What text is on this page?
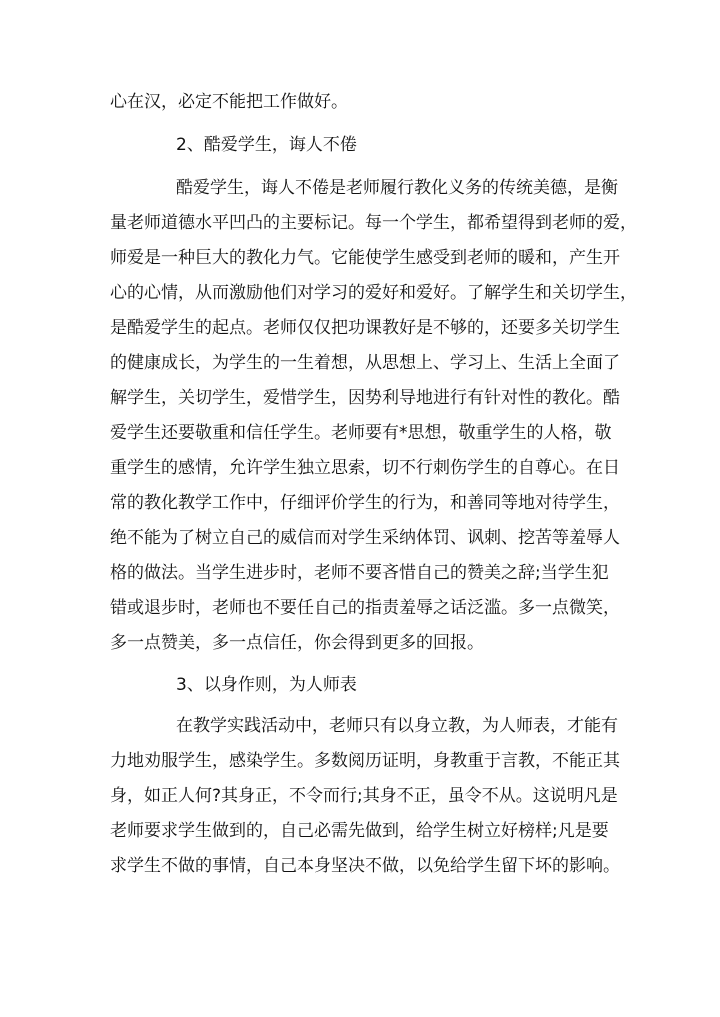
心在汉，必定不能把工作做好。
2、酷爱学生，诲人不倦
酷爱学生，诲人不倦是老师履行教化义务的传统美德，是衡
量老师道德水平凹凸的主要标记。每一个学生，都希望得到老师的爱，
师爱是一种巨大的教化力气。它能使学生感受到老师的暖和，产生开
心的心情，从而激励他们对学习的爱好和爱好。了解学生和关切学生，
是酷爱学生的起点。老师仅仅把功课教好是不够的，还要多关切学生
的健康成长，为学生的一生着想，从思想上、学习上、生活上全面了
解学生，关切学生，爱惜学生，因势利导地进行有针对性的教化。酷
爱学生还要敬重和信任学生。老师要有*思想，敬重学生的人格，敬
重学生的感情，允许学生独立思索，切不行刺伤学生的自尊心。在日
常的教化教学工作中，仔细评价学生的行为，和善同等地对待学生，
绝不能为了树立自己的威信而对学生采纳体罚、讽刺、挖苦等羞辱人
格的做法。当学生进步时，老师不要吝惜自己的赞美之辞;当学生犯
错或退步时，老师也不要任自己的指责羞辱之话泛滥。多一点微笑，
多一点赞美，多一点信任，你会得到更多的回报。
3、以身作则，为人师表
在教学实践活动中，老师只有以身立教，为人师表，才能有
力地劝服学生，感染学生。多数阅历证明，身教重于言教，不能正其
身，如正人何?其身正，不令而行;其身不正，虽令不从。这说明凡是
老师要求学生做到的，自己必需先做到，给学生树立好榜样;凡是要
求学生不做的事情，自己本身坚决不做，以免给学生留下坏的影响。
